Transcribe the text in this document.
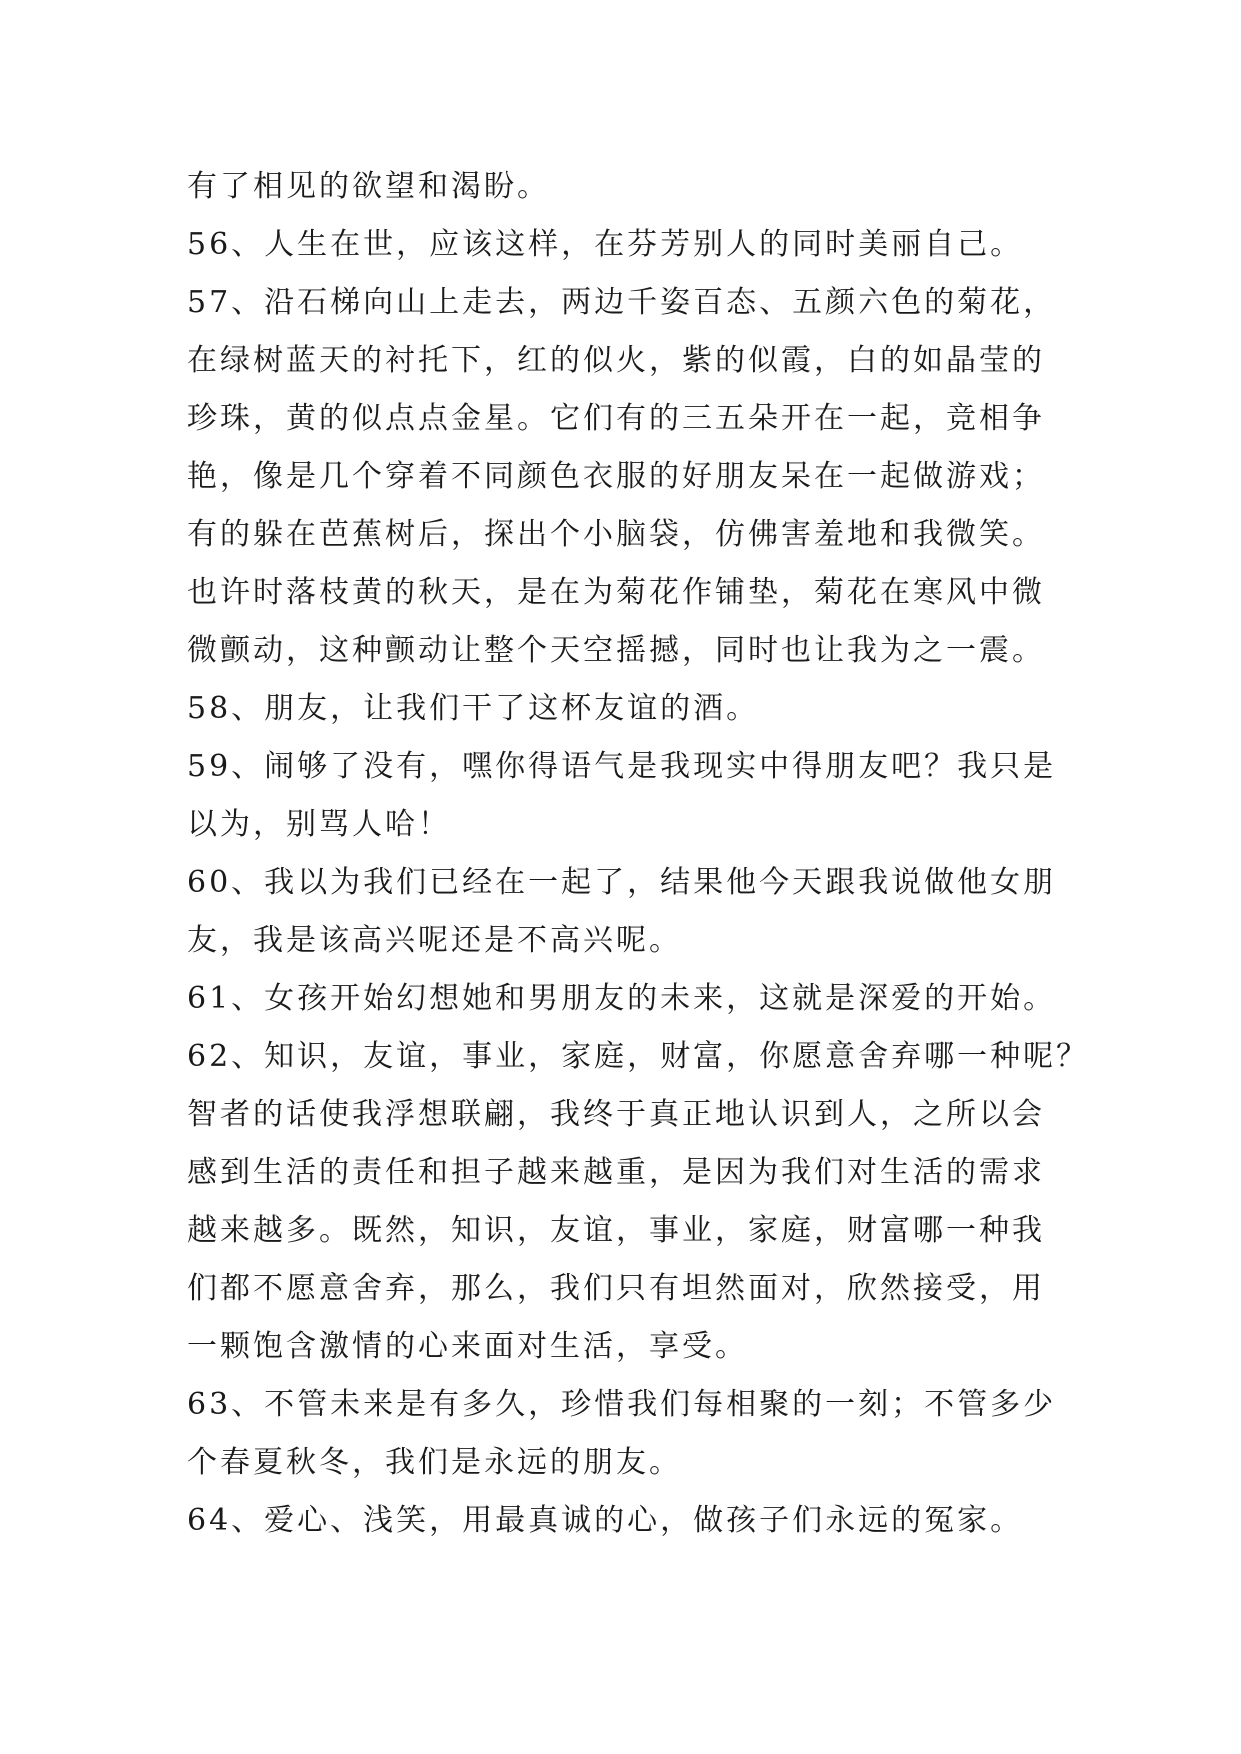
有了相见的欲望和渴盼。
56、人生在世，应该这样，在芬芳别人的同时美丽自己。
57、沿石梯向山上走去，两边千姿百态、五颜六色的菊花，
在绿树蓝天的衬托下，红的似火，紫的似霞，白的如晶莹的
珍珠，黄的似点点金星。它们有的三五朵开在一起，竞相争
艳，像是几个穿着不同颜色衣服的好朋友呆在一起做游戏；
有的躲在芭蕉树后，探出个小脑袋，仿佛害羞地和我微笑。
也许时落枝黄的秋天，是在为菊花作铺垫，菊花在寒风中微
微颤动，这种颤动让整个天空摇撼，同时也让我为之一震。
58、朋友，让我们干了这杯友谊的酒。
59、闹够了没有，嘿你得语气是我现实中得朋友吧？我只是
以为，别骂人哈！
60、我以为我们已经在一起了，结果他今天跟我说做他女朋
友，我是该高兴呢还是不高兴呢。
61、女孩开始幻想她和男朋友的未来，这就是深爱的开始。
62、知识，友谊，事业，家庭，财富，你愿意舍弃哪一种呢？
智者的话使我浮想联翩，我终于真正地认识到人，之所以会
感到生活的责任和担子越来越重，是因为我们对生活的需求
越来越多。既然，知识，友谊，事业，家庭，财富哪一种我
们都不愿意舍弃，那么，我们只有坦然面对，欣然接受，用
一颗饱含激情的心来面对生活，享受。
63、不管未来是有多久，珍惜我们每相聚的一刻；不管多少
个春夏秋冬，我们是永远的朋友。
64、爱心、浅笑，用最真诚的心，做孩子们永远的冤家。
